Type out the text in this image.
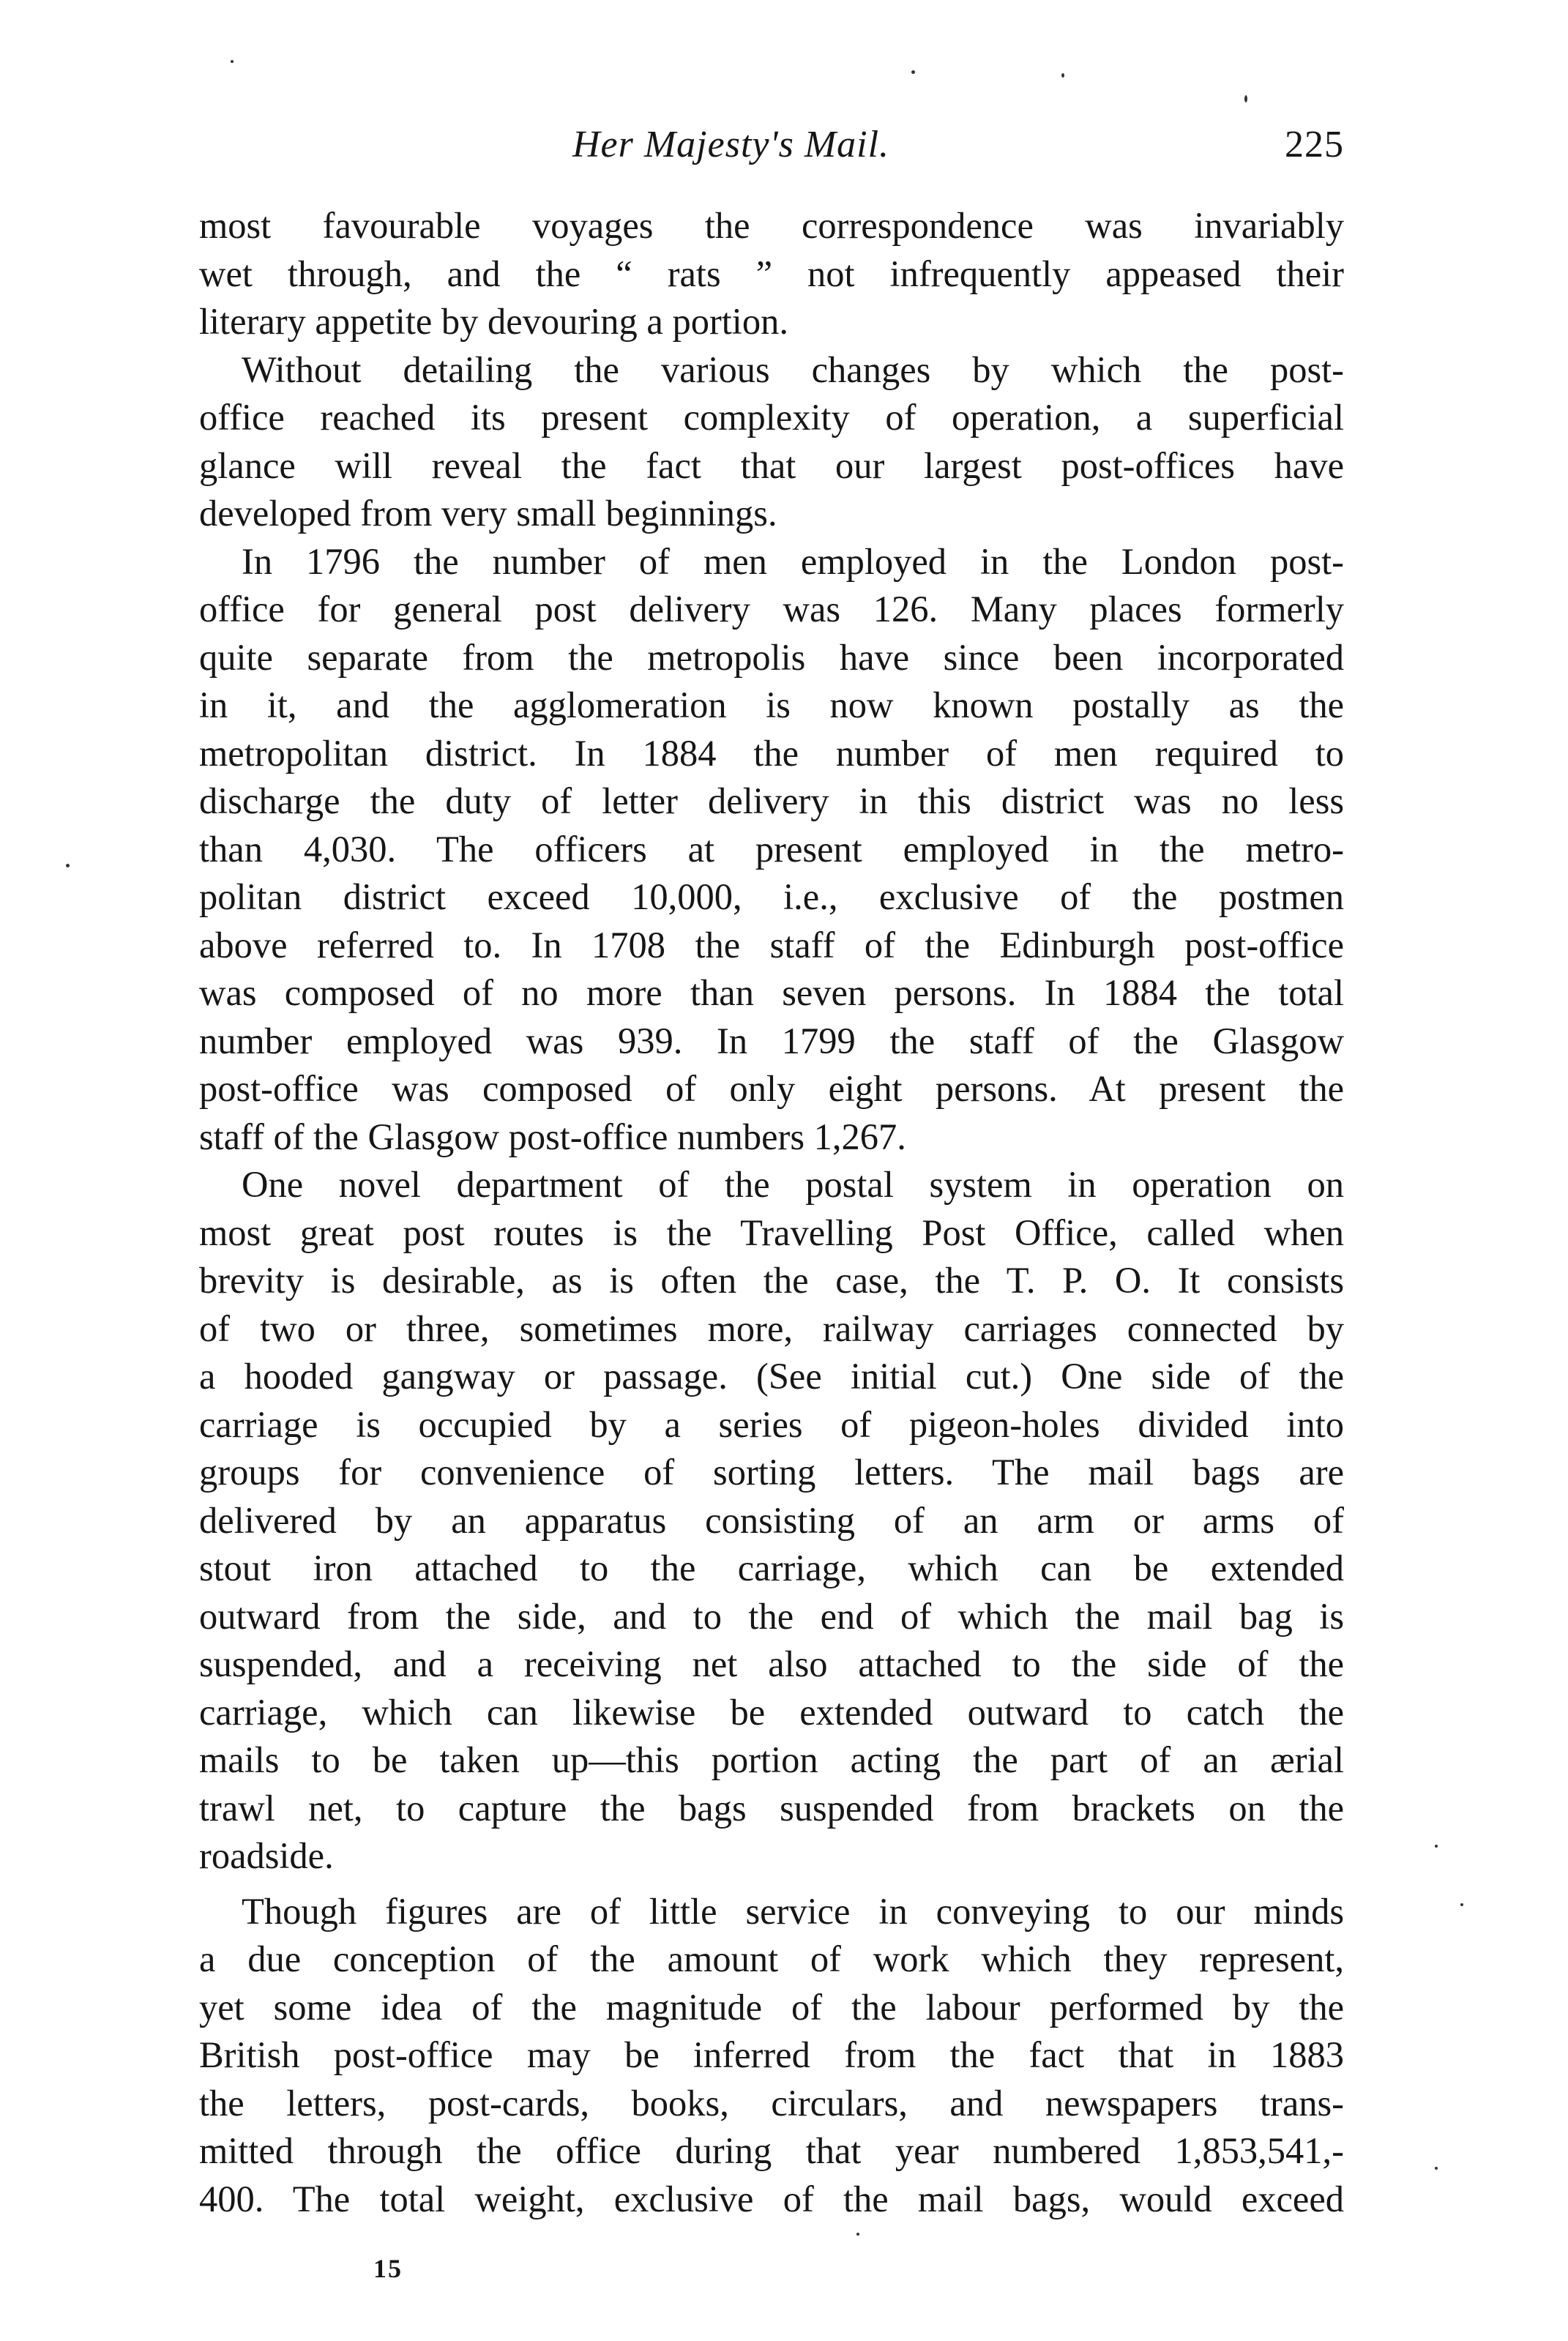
Her Majesty's Mail.	225

most favourable voyages the correspondence was invariably
wet through, and the “ rats ” not infrequently appeased their
literary appetite by devouring a portion.

Without detailing the various changes by which the post-
office reached its present complexity of operation, a superficial
glance will reveal the fact that our largest post-offices have
developed from very small beginnings.

In 1796 the number of men employed in the London post-
office for general post delivery was 126. Many places formerly
quite separate from the metropolis have since been incorporated
in it, and the agglomeration is now known postally as the
metropolitan district. In 1884 the number of men required to
discharge the duty of letter delivery in this district was no less
than 4,030. The officers at present employed in the metro-
politan district exceed 10,000, i.e., exclusive of the postmen
above referred to. In 1708 the staff of the Edinburgh post-office
was composed of no more than seven persons. In 1884 the total
number employed was 939. In 1799 the staff of the Glasgow
post-office was composed of only eight persons. At present the
staff of the Glasgow post-office numbers 1,267.

One novel department of the postal system in operation on
most great post routes is the Travelling Post Office, called when
brevity is desirable, as is often the case, the T. P. O. It consists
of two or three, sometimes more, railway carriages connected by
a hooded gangway or passage. (See initial cut.) One side of the
carriage is occupied by a series of pigeon-holes divided into
groups for convenience of sorting letters. The mail bags are
delivered by an apparatus consisting of an arm or arms of
stout iron attached to the carriage, which can be extended
outward from the side, and to the end of which the mail bag is
suspended, and a receiving net also attached to the side of the
carriage, which can likewise be extended outward to catch the
mails to be taken up—this portion acting the part of an ærial
trawl net, to capture the bags suspended from brackets on the
roadside.

Though figures are of little service in conveying to our minds
a due conception of the amount of work which they represent,
yet some idea of the magnitude of the labour performed by the
British post-office may be inferred from the fact that in 1883
the letters, post-cards, books, circulars, and newspapers trans-
mitted through the office during that year numbered 1,853,541,-
400. The total weight, exclusive of the mail bags, would exceed

15
